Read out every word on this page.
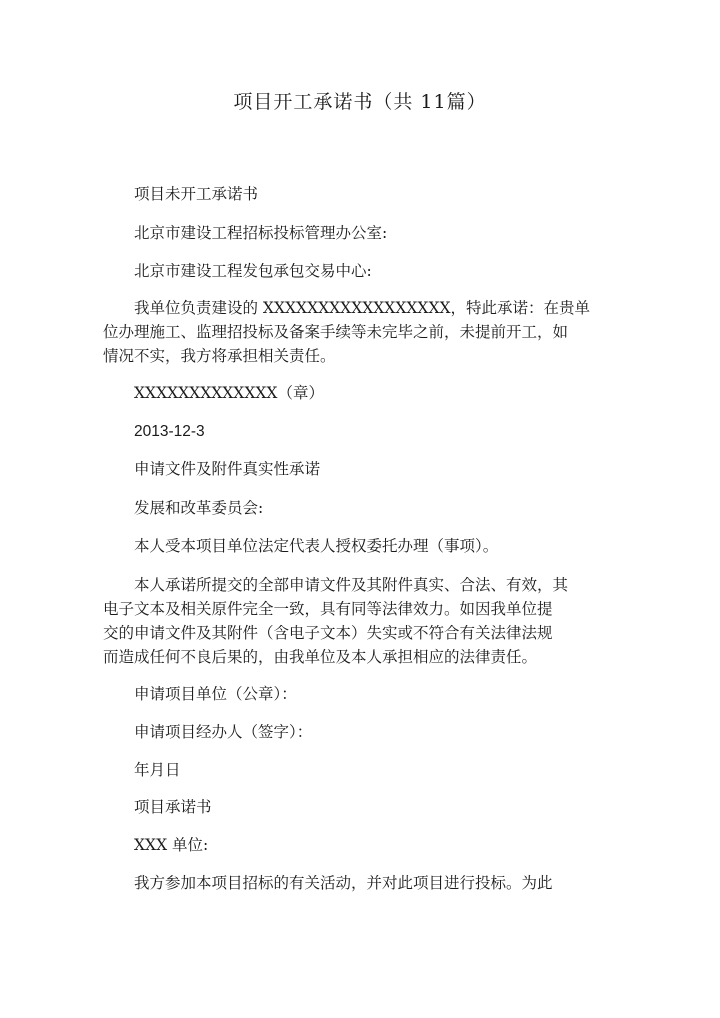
项目开工承诺书（共 11篇）
项目未开工承诺书
北京市建设工程招标投标管理办公室:
北京市建设工程发包承包交易中心:
我单位负责建设的 XXXXXXXXXXXXXXXXX，特此承诺：在贵单
位办理施工、监理招投标及备案手续等未完毕之前，未提前开工，如
情况不实，我方将承担相关责任。
XXXXXXXXXXXXX（章）
2013-12-3
申请文件及附件真实性承诺
发展和改革委员会:
本人受本项目单位法定代表人授权委托办理（事项）。
本人承诺所提交的全部申请文件及其附件真实、合法、有效，其
电子文本及相关原件完全一致，具有同等法律效力。如因我单位提
交的申请文件及其附件（含电子文本）失实或不符合有关法律法规
而造成任何不良后果的，由我单位及本人承担相应的法律责任。
申请项目单位（公章）：
申请项目经办人（签字）：
年月日
项目承诺书
XXX 单位:
我方参加本项目招标的有关活动，并对此项目进行投标。为此
